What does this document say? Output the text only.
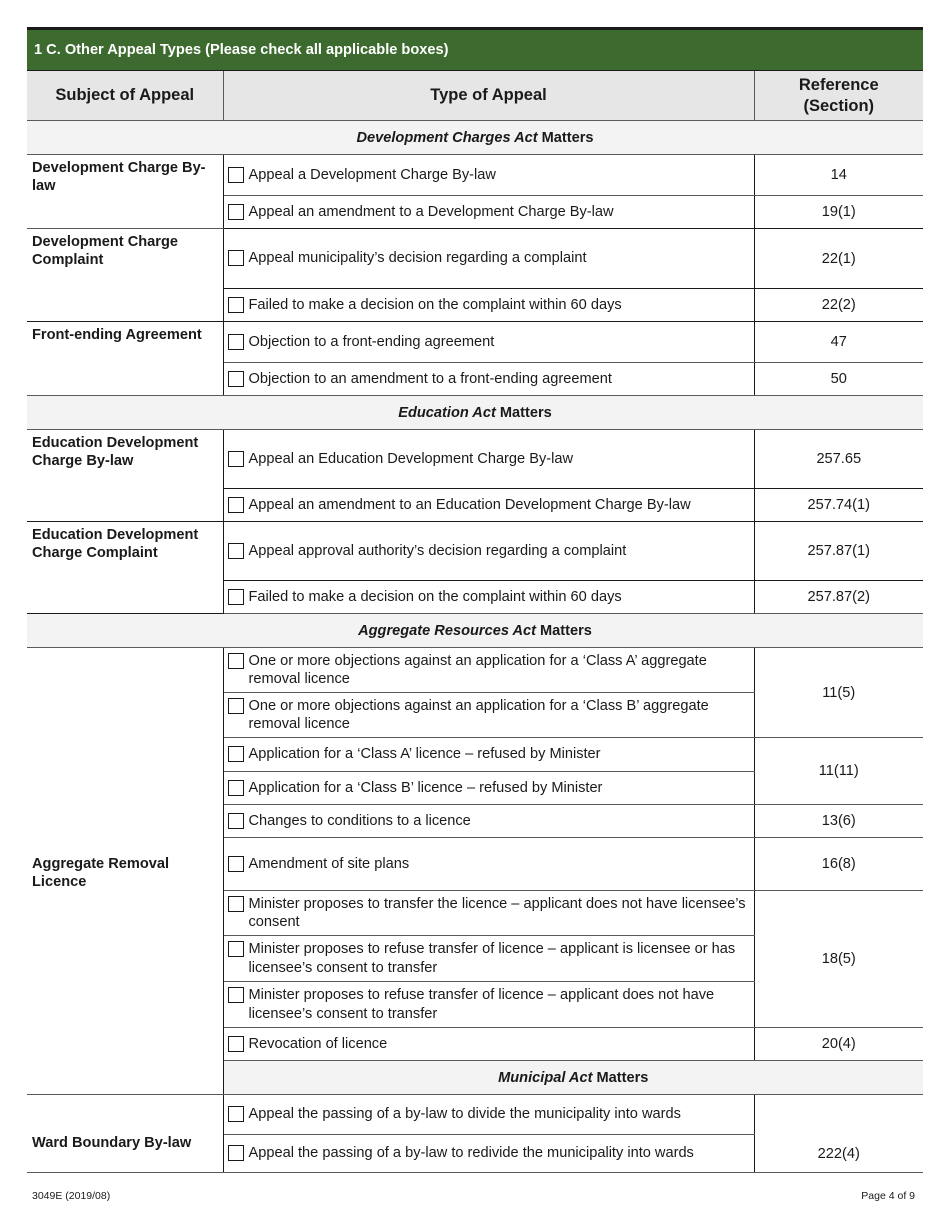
1 C. Other Appeal Types (Please check all applicable boxes)		
Subject of Appeal	Type of Appeal	Reference (Section)
Development Charges Act Matters		
Development Charge By-law	Appeal a Development Charge By-law	14

	Appeal an amendment to a Development Charge By-law	19(1)
Development Charge Complaint	Appeal municipality’s decision regarding a complaint	22(1)

	Failed to make a decision on the complaint within 60 days	22(2)
Front-ending Agreement	Objection to a front-ending agreement	47

	Objection to an amendment to a front-ending agreement	50
Education Act Matters		
Education Development Charge By-law	Appeal an Education Development Charge By-law	257.65

	Appeal an amendment to an Education Development Charge By-law	257.74(1)
Education Development Charge Complaint	Appeal approval authority’s decision regarding a complaint	257.87(1)

	Failed to make a decision on the complaint within 60 days	257.87(2)
Aggregate Resources Act Matters		
Aggregate Removal Licence	One or more objections against an application for a ‘Class A’ aggregate removal licence	11(5)

	One or more objections against an application for a ‘Class B’ aggregate removal licence	

	Application for a ‘Class A’ licence – refused by Minister	11(11)

	Application for a ‘Class B’ licence – refused by Minister	

	Changes to conditions to a licence	13(6)

	Amendment of site plans	16(8)

	Minister proposes to transfer the licence – applicant does not have licensee’s consent	18(5)

	Minister proposes to refuse transfer of licence – applicant is licensee or has licensee’s consent to transfer	

	Minister proposes to refuse transfer of licence – applicant does not have licensee’s consent to transfer	

	Revocation of licence	20(4)
	Municipal Act Matters	
Ward Boundary By-law	Appeal the passing of a by-law to divide the municipality into wards	222(4)

	Appeal the passing of a by-law to redivide the municipality into wards	
3049E (2019/08)	Page 4 of 9
